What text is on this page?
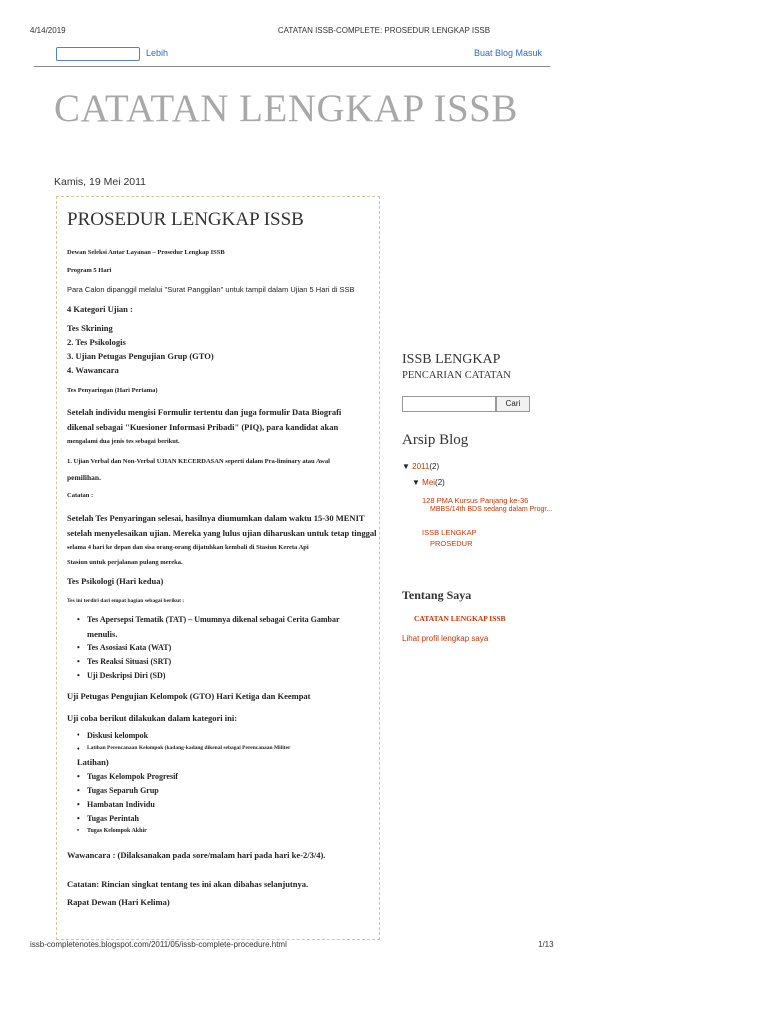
4/14/2019	CATATAN ISSB-COMPLETE: PROSEDUR LENGKAP ISSB
Lebih	Buat Blog Masuk
CATATAN LENGKAP ISSB
Kamis, 19 Mei 2011
PROSEDUR LENGKAP ISSB
Dewan Seleksi Antar Layanan – Prosedur Lengkap ISSB
Program 5 Hari
Para Calon dipanggil melalui "Surat Panggilan" untuk tampil dalam Ujian 5 Hari di SSB
4 Kategori Ujian :
Tes Skrining
2. Tes Psikologis
3. Ujian Petugas Pengujian Grup (GTO)
4. Wawancara
Tes Penyaringan (Hari Pertama)
Setelah individu mengisi Formulir tertentu dan juga formulir Data Biografi
dikenal sebagai "Kuesioner Informasi Pribadi" (PIQ), para kandidat akan
mengalami dua jenis tes sebagai berikut.
1. Ujian Verbal dan Non-Verbal UJIAN KECERDASAN seperti dalam Pra-liminary atau Awal
pemilihan.
Catatan :
Setelah Tes Penyaringan selesai, hasilnya diumumkan dalam waktu 15-30 MENIT
setelah menyelesaikan ujian. Mereka yang lulus ujian diharuskan untuk tetap tinggal
selama 4 hari ke depan dan sisa orang-orang dijatuhkan kembali di Stasiun Kereta Api
Stasiun untuk perjalanan pulang mereka.
Tes Psikologi (Hari kedua)
Tes ini terdiri dari empat bagian sebagai berikut :
• Tes Apersepsi Tematik (TAT) – Umumnya dikenal sebagai Cerita Gambar
menulis.
• Tes Asosiasi Kata (WAT)
• Tes Reaksi Situasi (SRT)
• Uji Deskripsi Diri (SD)
Uji Petugas Pengujian Kelompok (GTO) Hari Ketiga dan Keempat
Uji coba berikut dilakukan dalam kategori ini:
♦ Diskusi kelompok
♦ Latihan Perencanaan Kelompok (kadang-kadang dikenal sebagai Perencanaan Militer
Latihan)
• Tugas Kelompok Progresif
• Tugas Separuh Grup
• Hambatan Individu
• Tugas Perintah
• Tugas Kelompok Akhir
Wawancara : (Dilaksanakan pada sore/malam hari pada hari ke-2/3/4).
Catatan: Rincian singkat tentang tes ini akan dibahas selanjutnya.
Rapat Dewan (Hari Kelima)
ISSB LENGKAP
PENCARIAN CATATAN
Cari
Arsip Blog
▼ 2011(2)
▼ Mei(2)
128 PMA Kursus Panjang ke-36
MBBS/14th BDS sedang dalam Progr...
ISSB LENGKAP
PROSEDUR
Tentang Saya
CATATAN LENGKAP ISSB
Lihat profil lengkap saya
issb-completenotes.blogspot.com/2011/05/issb-complete-procedure.html	1/13
